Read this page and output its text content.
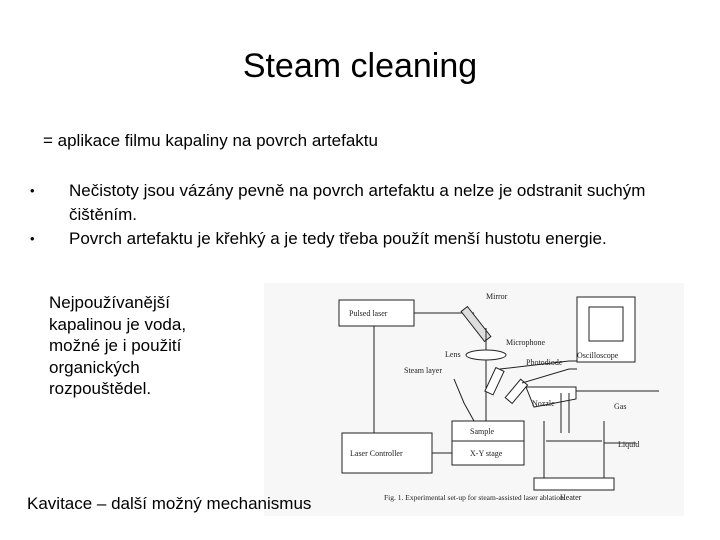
Steam cleaning
= aplikace filmu kapaliny na povrch artefaktu
• Nečistoty jsou vázány pevně na povrch artefaktu a nelze je odstranit suchým čištěním.
• Povrch artefaktu je křehký a je tedy třeba použít menší hustotu energie.
Nejpoužívanější kapalinou je voda, možné je i použití organických rozpouštědel.
Pulsed laser
Mirror
Lens
Microphone
Photodiode
Oscilloscope
Steam layer
Nozzle	Gas
Sample
Liquid
Laser Controller	X-Y stage
Heater
Fig. 1. Experimental set-up for steam-assisted laser ablation.
Kavitace – další možný mechanismus
